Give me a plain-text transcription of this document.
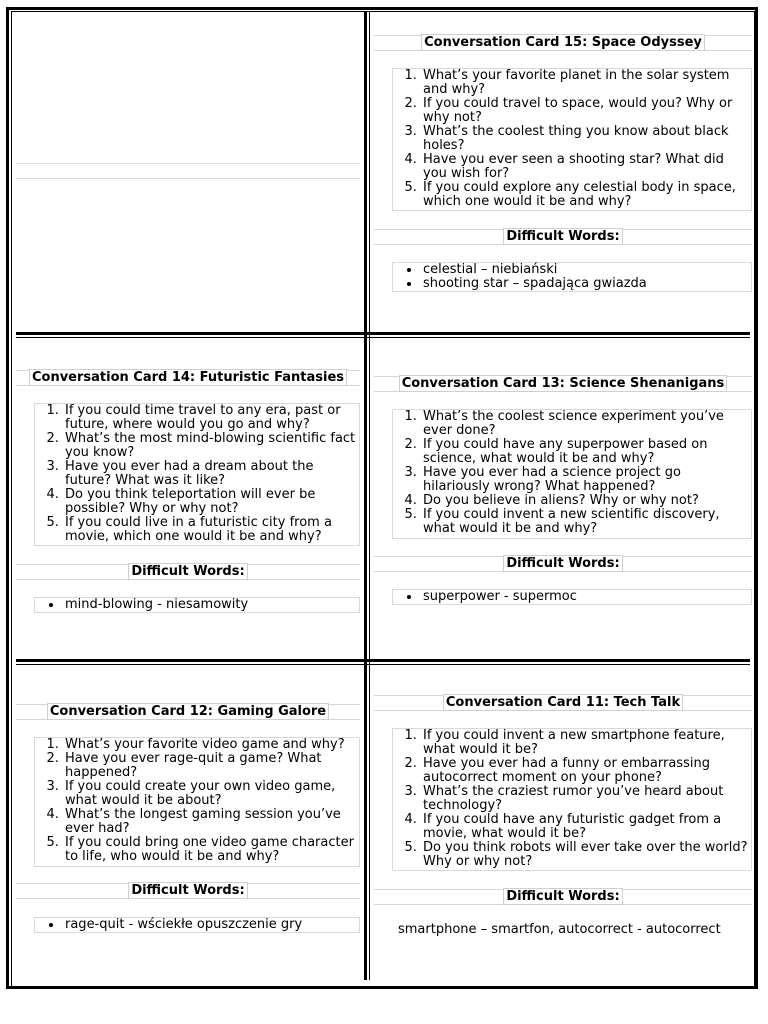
Conversation Card 15: Space Odyssey
1. What’s your favorite planet in the solar system and why?
2. If you could travel to space, would you? Why or why not?
3. What’s the coolest thing you know about black holes?
4. Have you ever seen a shooting star? What did you wish for?
5. If you could explore any celestial body in space, which one would it be and why?
Difficult Words:
• celestial – niebiański
• shooting star – spadająca gwiazda
Conversation Card 14: Futuristic Fantasies
1. If you could time travel to any era, past or future, where would you go and why?
2. What’s the most mind-blowing scientific fact you know?
3. Have you ever had a dream about the future? What was it like?
4. Do you think teleportation will ever be possible? Why or why not?
5. If you could live in a futuristic city from a movie, which one would it be and why?
Difficult Words:
• mind-blowing - niesamowity
Conversation Card 13: Science Shenanigans
1. What’s the coolest science experiment you’ve ever done?
2. If you could have any superpower based on science, what would it be and why?
3. Have you ever had a science project go hilariously wrong? What happened?
4. Do you believe in aliens? Why or why not?
5. If you could invent a new scientific discovery, what would it be and why?
Difficult Words:
• superpower - supermoc
Conversation Card 12: Gaming Galore
1. What’s your favorite video game and why?
2. Have you ever rage-quit a game? What happened?
3. If you could create your own video game, what would it be about?
4. What’s the longest gaming session you’ve ever had?
5. If you could bring one video game character to life, who would it be and why?
Difficult Words:
• rage-quit - wściekłe opuszczenie gry
Conversation Card 11: Tech Talk
1. If you could invent a new smartphone feature, what would it be?
2. Have you ever had a funny or embarrassing autocorrect moment on your phone?
3. What’s the craziest rumor you’ve heard about technology?
4. If you could have any futuristic gadget from a movie, what would it be?
5. Do you think robots will ever take over the world? Why or why not?
Difficult Words:
smartphone – smartfon, autocorrect - autocorrect
